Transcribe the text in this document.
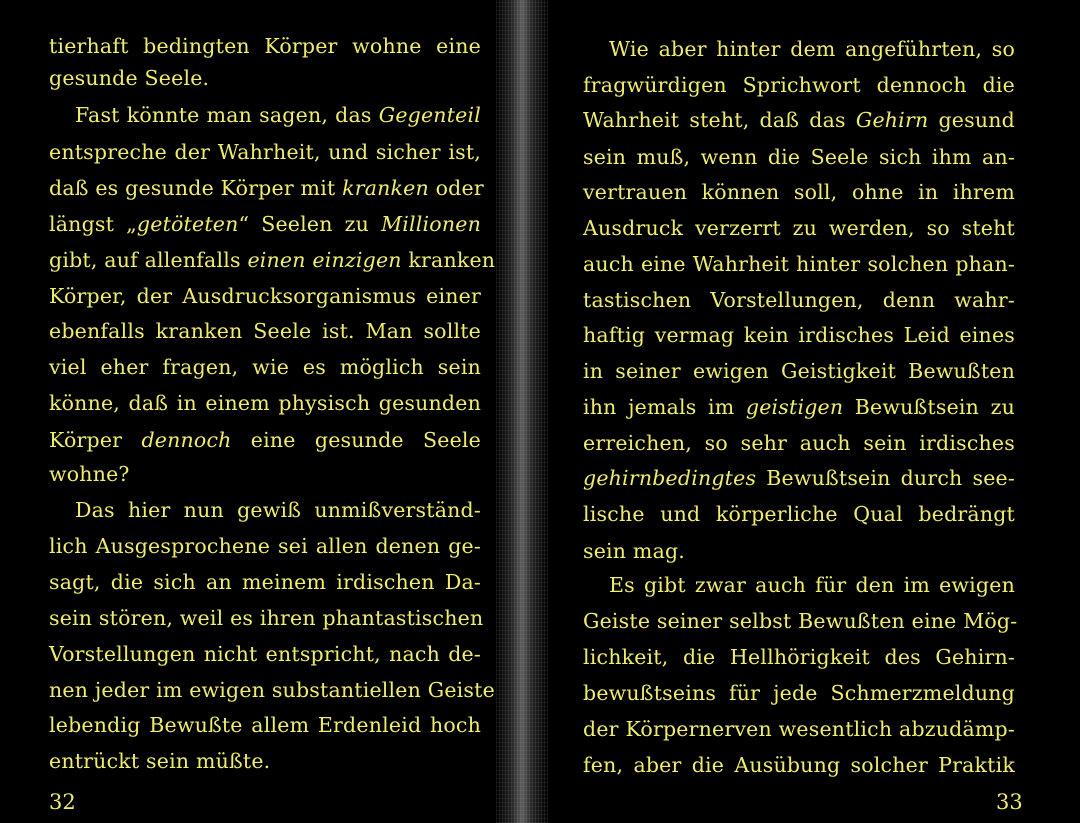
tierhaft bedingten Körper wohne eine
gesunde Seele.
Fast könnte man sagen, das Gegenteil
entspreche der Wahrheit, und sicher ist,
daß es gesunde Körper mit kranken oder
längst „getöteten“ Seelen zu Millionen
gibt, auf allenfalls einen einzigen kranken
Körper, der Ausdrucksorganismus einer
ebenfalls kranken Seele ist. Man sollte
viel eher fragen, wie es möglich sein
könne, daß in einem physisch gesunden
Körper dennoch eine gesunde Seele
wohne?
Das hier nun gewiß unmißverständ-
lich Ausgesprochene sei allen denen ge-
sagt, die sich an meinem irdischen Da-
sein stören, weil es ihren phantastischen
Vorstellungen nicht entspricht, nach de-
nen jeder im ewigen substantiellen Geiste
lebendig Bewußte allem Erdenleid hoch
entrückt sein müßte.
Wie aber hinter dem angeführten, so
fragwürdigen Sprichwort dennoch die
Wahrheit steht, daß das Gehirn gesund
sein muß, wenn die Seele sich ihm an-
vertrauen können soll, ohne in ihrem
Ausdruck verzerrt zu werden, so steht
auch eine Wahrheit hinter solchen phan-
tastischen Vorstellungen, denn wahr-
haftig vermag kein irdisches Leid eines
in seiner ewigen Geistigkeit Bewußten
ihn jemals im geistigen Bewußtsein zu
erreichen, so sehr auch sein irdisches
gehirnbedingtes Bewußtsein durch see-
lische und körperliche Qual bedrängt
sein mag.
Es gibt zwar auch für den im ewigen
Geiste seiner selbst Bewußten eine Mög-
lichkeit, die Hellhörigkeit des Gehirn-
bewußtseins für jede Schmerzmeldung
der Körpernerven wesentlich abzudämp-
fen, aber die Ausübung solcher Praktik
32	33
